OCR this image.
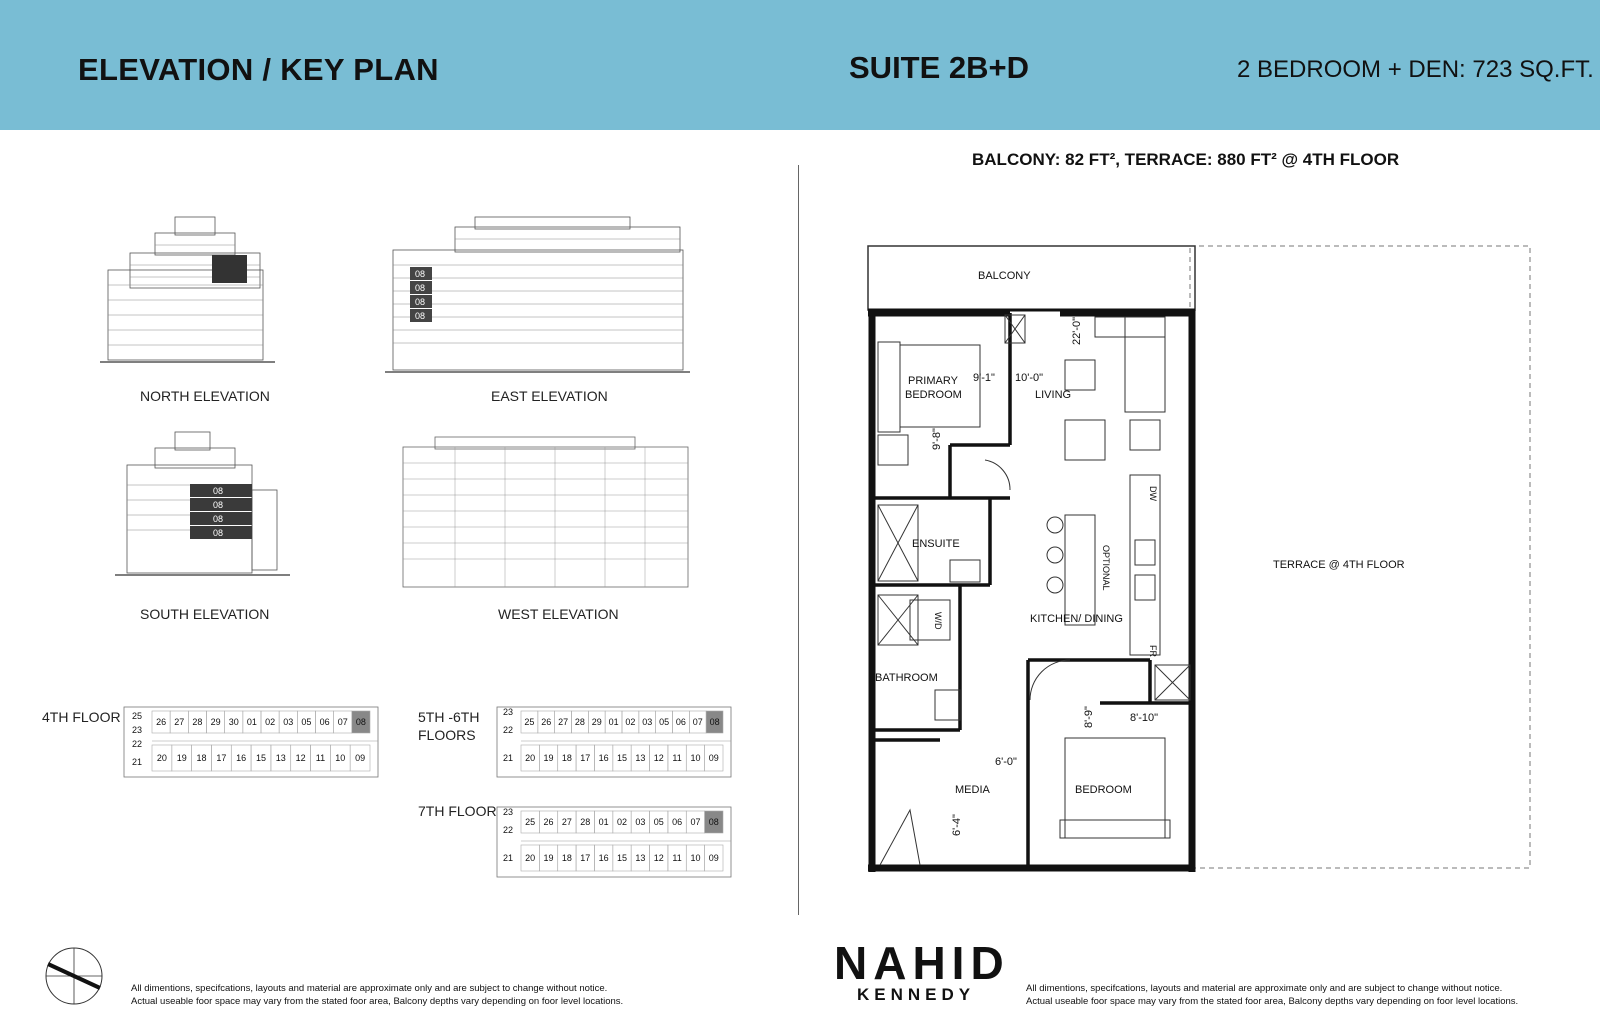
ELEVATION / KEY PLAN	SUITE 2B+D	2 BEDROOM + DEN: 723 SQ.FT.
BALCONY: 82 FT², TERRACE: 880 FT² @ 4TH FLOOR
08
08
08
08
08
08
08
08
NORTH ELEVATION	EAST ELEVATION
SOUTH ELEVATION	WEST ELEVATION
4TH FLOOR	5TH -6TH
FLOORS
7TH FLOOR
26 27 28 29 30 01 02 03 05 06 07 08
20 19 18 17 16 15 13 12 11 10 09
25
23
22
21
25 26 27 28 29 01 02 03 05 06 07 08
20 19 18 17 16 15 13 12 11 10 09
23
22
21
25 26 27 28 01 02 03 05 06 07 08
20 19 18 17 16 15 13 12 11 10 09
23
22
21
BALCONY
TERRACE @ 4TH FLOOR
PRIMARY
BEDROOM	LIVING
ENSUITE
KITCHEN/ DINING
BATHROOM
BEDROOM
MEDIA
OPTIONAL
DW
FR
W/D
9'-1"
9'-8"
10'-0"
22'-0"
8'-10"
8'-9"
6'-0"
6'-4"
All dimentions, specifcations, layouts and material are approximate only and are subject to change without notice.
Actual useable foor space may vary from the stated foor area, Balcony depths vary depending on foor level locations.
All dimentions, specifcations, layouts and material are approximate only and are subject to change without notice.
Actual useable foor space may vary from the stated foor area, Balcony depths vary depending on foor level locations.
NAHID
KENNEDY
